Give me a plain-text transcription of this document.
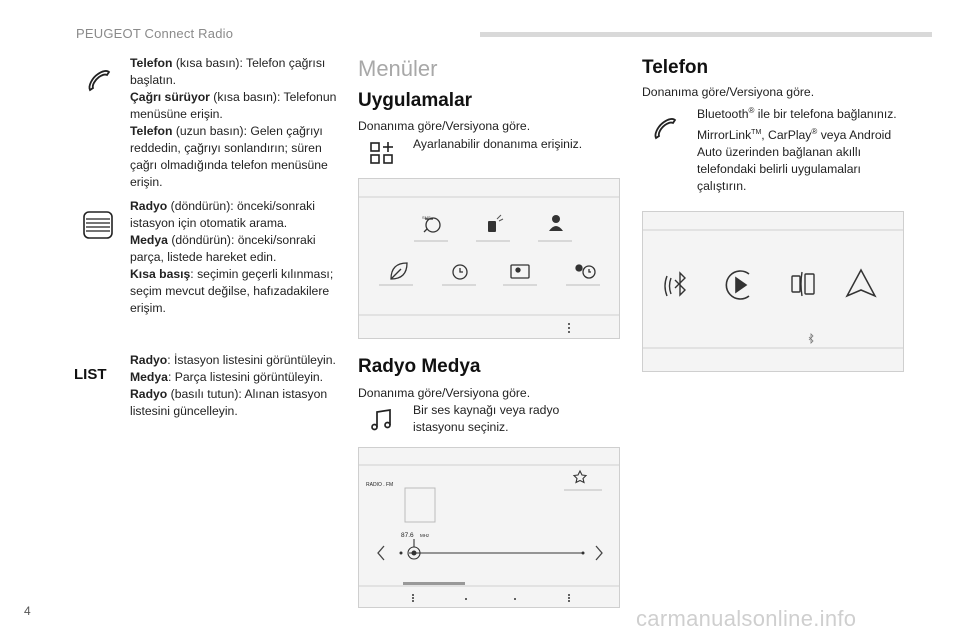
PEUGEOT Connect Radio
Telefon (kısa basın): Telefon çağrısı başlatın.
Çağrı sürüyor (kısa basın): Telefonun menüsüne erişin.
Telefon (uzun basın): Gelen çağrıyı reddedin, çağrıyı sonlandırın; süren çağrı olmadığında telefon menüsüne erişin.
Radyo (döndürün): önceki/sonraki istasyon için otomatik arama.
Medya (döndürün): önceki/sonraki parça, listede hareket edin.
Kısa basış: seçimin geçerli kılınması; seçim mevcut değilse, hafızadakilere erişim.
LIST
Radyo: İstasyon listesini görüntüleyin.
Medya: Parça listesini görüntüleyin.
Radyo (basılı tutun): Alınan istasyon listesini güncelleyin.
Menüler
Uygulamalar
Donanıma göre/Versiyona göre.
Ayarlanabilir donanıma erişiniz.
SMS
Radyo Medya
Donanıma göre/Versiyona göre.
Bir ses kaynağı veya radyo istasyonu seçiniz.
RADIO . FM
87.6 MHz
Telefon
Donanıma göre/Versiyona göre.
Bluetooth® ile bir telefona bağlanınız.
MirrorLink™, CarPlay® veya Android Auto üzerinden bağlanan akıllı telefondaki belirli uygulamaları çalıştırın.
4	carmanualsonline.info
